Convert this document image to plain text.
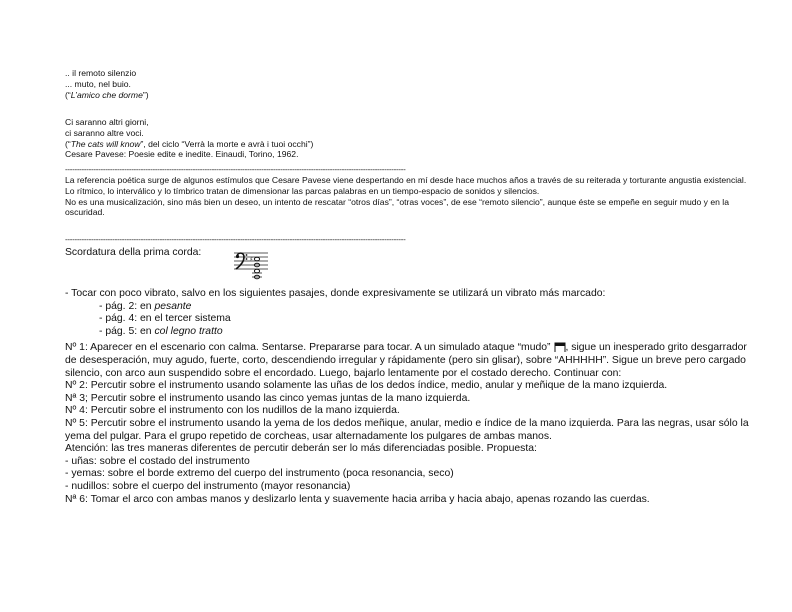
.. il remoto silenzio
... muto, nel buio.
(“L’amico che dorme”)
Ci saranno altri giorni,
ci saranno altre voci.
(“The cats will know”, del ciclo “Verrà la morte e avrà i tuoi occhi”)
Cesare Pavese: Poesie edite e inedite. Einaudi, Torino, 1962.
------------------------------------------------------------------------------------------------------------------------------------------------
La referencia poética surge de algunos estímulos que Cesare Pavese viene despertando en mí desde hace muchos años a través de su reiterada y torturante angustia existencial.
Lo rítmico, lo interválico y lo tímbrico tratan de dimensionar las parcas palabras en un tiempo-espacio de sonidos y silencios.
No es una musicalización, sino más bien un deseo, un intento de rescatar “otros días”, “otras voces”, de ese “remoto silencio”, aunque éste se empeñe en seguir mudo y en la oscuridad.
------------------------------------------------------------------------------------------------------------------------------------------------
Scordatura della prima corda:
♯
- Tocar con poco vibrato, salvo en los siguientes pasajes, donde expresivamente se utilizará un vibrato más marcado:
- pág. 2: en pesante
- pág. 4: en el tercer sistema
- pág. 5: en col legno tratto
Nº 1: Aparecer en el escenario con calma. Sentarse. Prepararse para tocar. A un simulado ataque “mudo” , sigue un inesperado grito desgarrador de desesperación, muy agudo, fuerte, corto, descendiendo irregular y rápidamente (pero sin glisar), sobre “AHHHHH”. Sigue un breve pero cargado silencio, con arco aun suspendido sobre el encordado. Luego, bajarlo lentamente por el costado derecho. Continuar con:
Nº 2: Percutir sobre el instrumento usando solamente las uñas de los dedos índice, medio, anular y meñique de la mano izquierda.
Nª 3; Percutir sobre el instrumento usando las cinco yemas juntas de la mano izquierda.
Nº 4: Percutir sobre el instrumento con los nudillos de la mano izquierda.
Nº 5: Percutir sobre el instrumento usando la yema de los dedos meñique, anular, medio e índice de la mano izquierda. Para las negras, usar sólo la yema del pulgar. Para el grupo repetido de corcheas, usar alternadamente los pulgares de ambas manos.
Atención: las tres maneras diferentes de percutir deberán ser lo más diferenciadas posible. Propuesta:
- uñas: sobre el costado del instrumento
- yemas: sobre el borde extremo del cuerpo del instrumento (poca resonancia, seco)
- nudillos: sobre el cuerpo del instrumento (mayor resonancia)
Nª 6: Tomar el arco con ambas manos y deslizarlo lenta y suavemente hacia arriba y hacia abajo, apenas rozando las cuerdas.
